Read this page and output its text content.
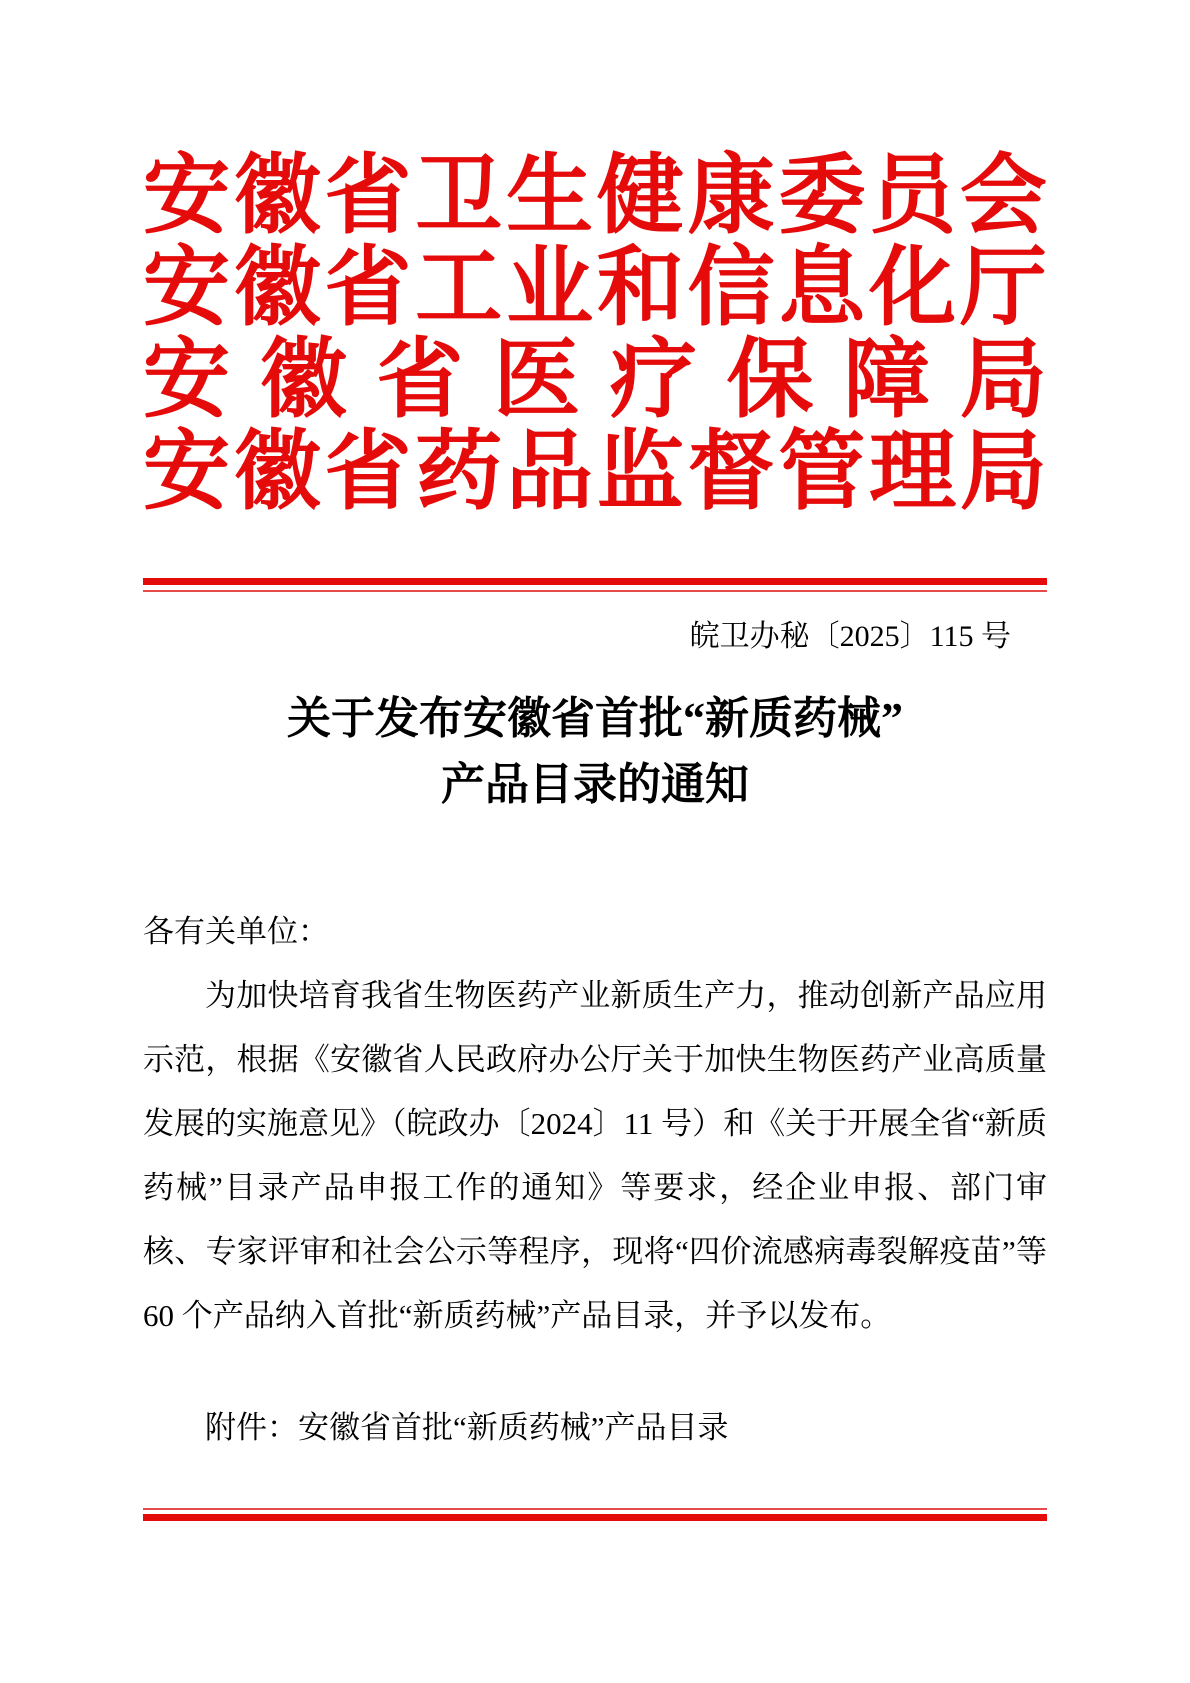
安 徽 省 卫 生 健 康 委 员 会
安 徽 省 工 业 和 信 息 化 厅
安 徽 省 医 疗 保 障 局
安 徽 省 药 品 监 督 管 理 局
皖卫办秘〔2025〕115 号
关于发布安徽省首批“新质药械”
产品目录的通知

各有关单位：

为加快培育我省生物医药产业新质生产力，推动创新产品应用示范，根据《安徽省人民政府办公厅关于加快生物医药产业高质量发展的实施意见》（皖政办〔2024〕11 号）和《关于开展全省“新质药械”目录产品申报工作的通知》等要求，经企业申报、部门审核、专家评审和社会公示等程序，现将“四价流感病毒裂解疫苗”等 60 个产品纳入首批“新质药械”产品目录，并予以发布。

附件：安徽省首批“新质药械”产品目录
